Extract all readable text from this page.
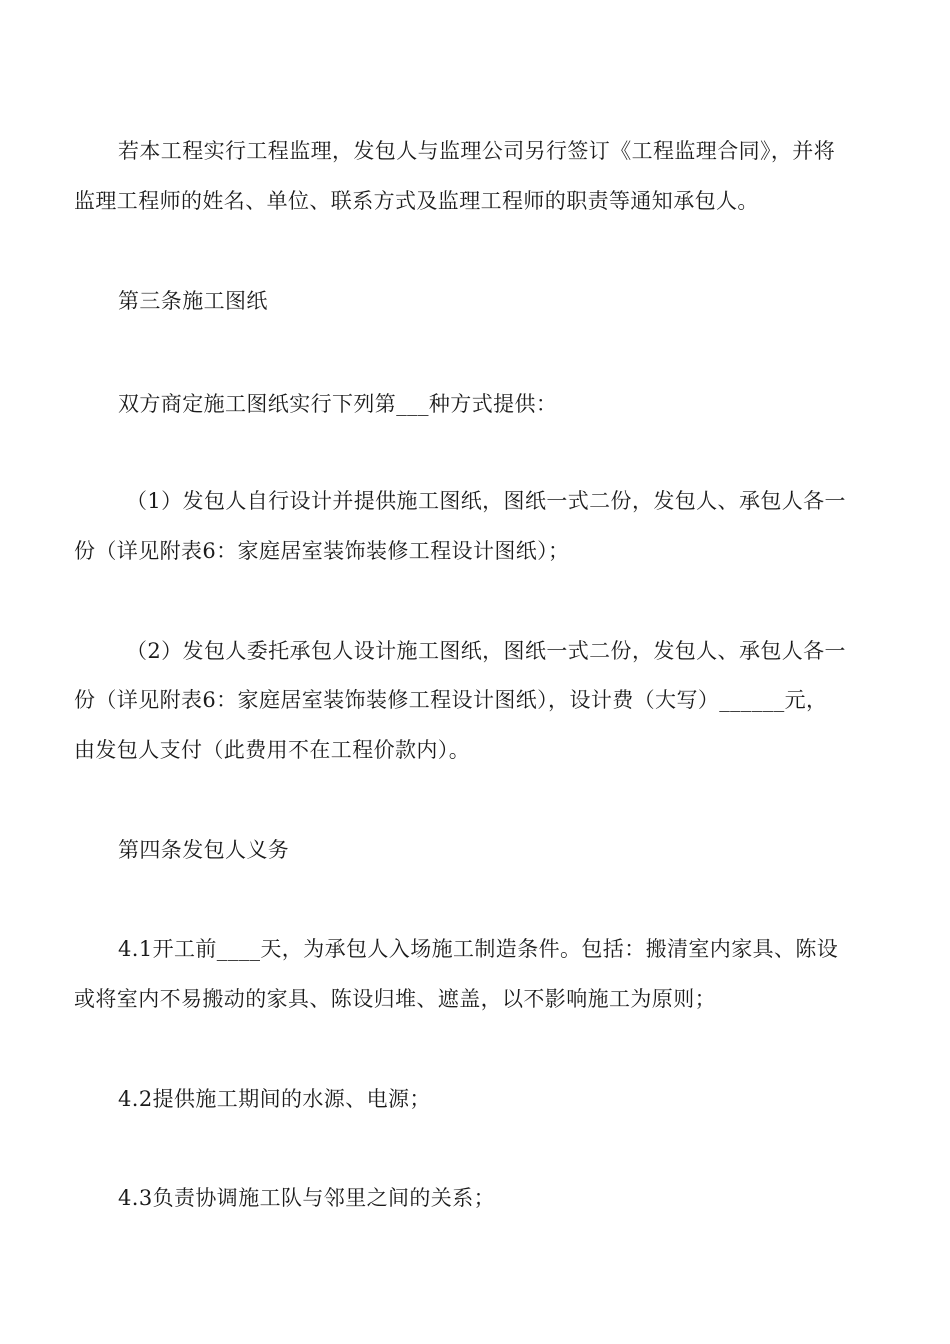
若本工程实行工程监理，发包人与监理公司另行签订《工程监理合同》，并将
监理工程师的姓名、单位、联系方式及监理工程师的职责等通知承包人。
第三条施工图纸
双方商定施工图纸实行下列第___种方式提供：
（1）发包人自行设计并提供施工图纸，图纸一式二份，发包人、承包人各一
份（详见附表6：家庭居室装饰装修工程设计图纸）；
（2）发包人委托承包人设计施工图纸，图纸一式二份，发包人、承包人各一
份（详见附表6：家庭居室装饰装修工程设计图纸），设计费（大写）______元，
由发包人支付（此费用不在工程价款内）。
第四条发包人义务
4.1开工前____天，为承包人入场施工制造条件。包括：搬清室内家具、陈设
或将室内不易搬动的家具、陈设归堆、遮盖，以不影响施工为原则；
4.2提供施工期间的水源、电源；
4.3负责协调施工队与邻里之间的关系；
